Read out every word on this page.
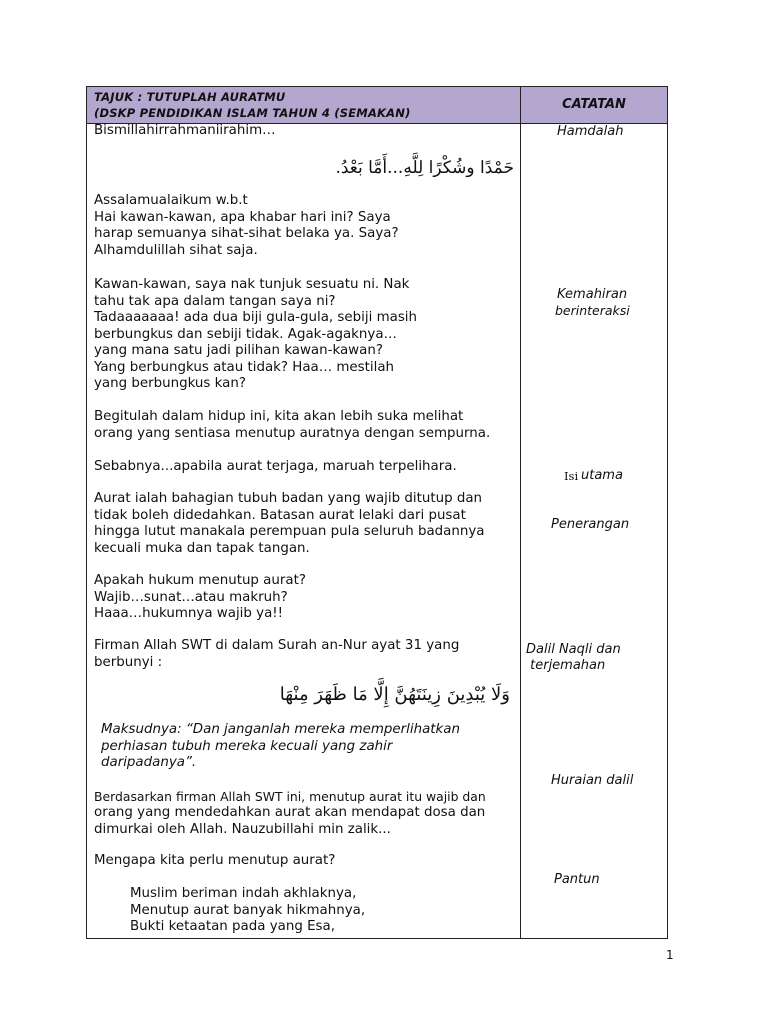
TAJUK : TUTUPLAH AURATMU
(DSKP PENDIDIKAN ISLAM TAHUN 4 (SEMAKAN)
CATATAN
Bismillahirrahmaniirahim…
حَمْدًا وشُكْرًا لِلَّهِ...أَمَّا بَعْدُ.
Assalamualaikum w.b.t
Hai kawan-kawan, apa khabar hari ini? Saya
harap semuanya sihat-sihat belaka ya. Saya?
Alhamdulillah sihat saja.
Kawan-kawan, saya nak tunjuk sesuatu ni. Nak
tahu tak apa dalam tangan saya ni?
Tadaaaaaaa! ada dua biji gula-gula, sebiji masih
berbungkus dan sebiji tidak. Agak-agaknya…
yang mana satu jadi pilihan kawan-kawan?
Yang berbungkus atau tidak? Haa… mestilah
yang berbungkus kan?
Begitulah dalam hidup ini, kita akan lebih suka melihat
orang yang sentiasa menutup auratnya dengan sempurna.
Sebabnya...apabila aurat terjaga, maruah terpelihara.
Aurat ialah bahagian tubuh badan yang wajib ditutup dan
tidak boleh didedahkan. Batasan aurat lelaki dari pusat
hingga lutut manakala perempuan pula seluruh badannya
kecuali muka dan tapak tangan.
Apakah hukum menutup aurat?
Wajib…sunat…atau makruh?
Haaa…hukumnya wajib ya!!
Firman Allah SWT di dalam Surah an-Nur ayat 31 yang
berbunyi :
وَلَا يُبْدِينَ زِينَتَهُنَّ إِلَّا مَا ظَهَرَ مِنْهَا
Maksudnya: “Dan janganlah mereka memperlihatkan
perhiasan tubuh mereka kecuali yang zahir
daripadanya”.
Berdasarkan firman Allah SWT ini, menutup aurat itu wajib dan
orang yang mendedahkan aurat akan mendapat dosa dan
dimurkai oleh Allah. Nauzubillahi min zalik...
Mengapa kita perlu menutup aurat?
Muslim beriman indah akhlaknya,
Menutup aurat banyak hikmahnya,
Bukti ketaatan pada yang Esa,
Hamdalah
Kemahiran
berinteraksi
Isi utama
Penerangan
Dalil Naqli dan
terjemahan
Huraian dalil
Pantun
1
